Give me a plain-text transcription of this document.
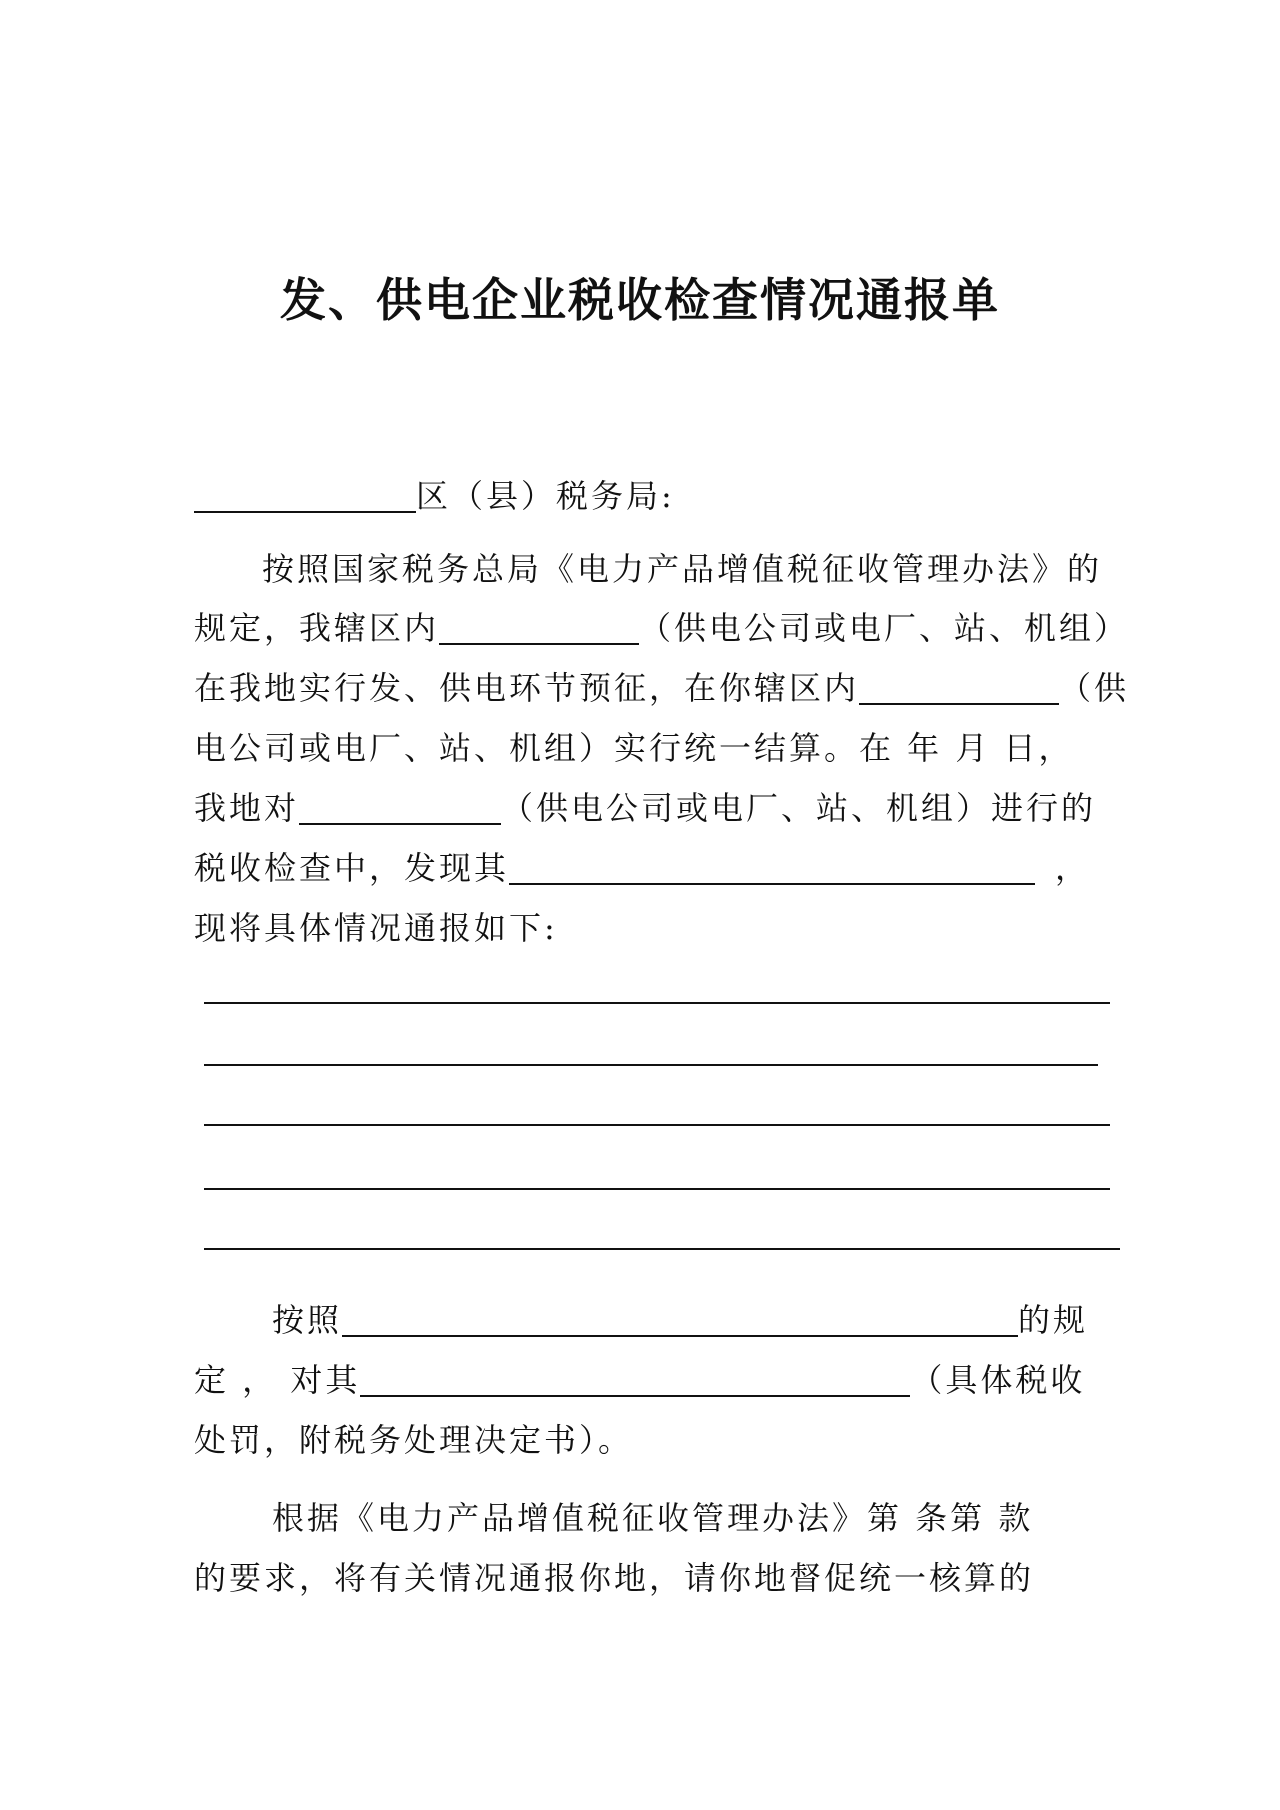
发、供电企业税收检查情况通报单
区（县）税务局:
按照国家税务总局《电力产品增值税征收管理办法》的
规定，我辖区内	（供电公司或电厂、站、机组）
在我地实行发、供电环节预征，在你辖区内	（供
电公司或电厂、站、机组）实行统一结算。在 年 月 日，
我地对	（供电公司或电厂、站、机组）进行的
税收检查中，发现其	，
现将具体情况通报如下:
按照	的规
定 ， 对其	（具体税收
处罚，附税务处理决定书）。
根据《电力产品增值税征收管理办法》第 条第 款
的要求，将有关情况通报你地，请你地督促统一核算的
